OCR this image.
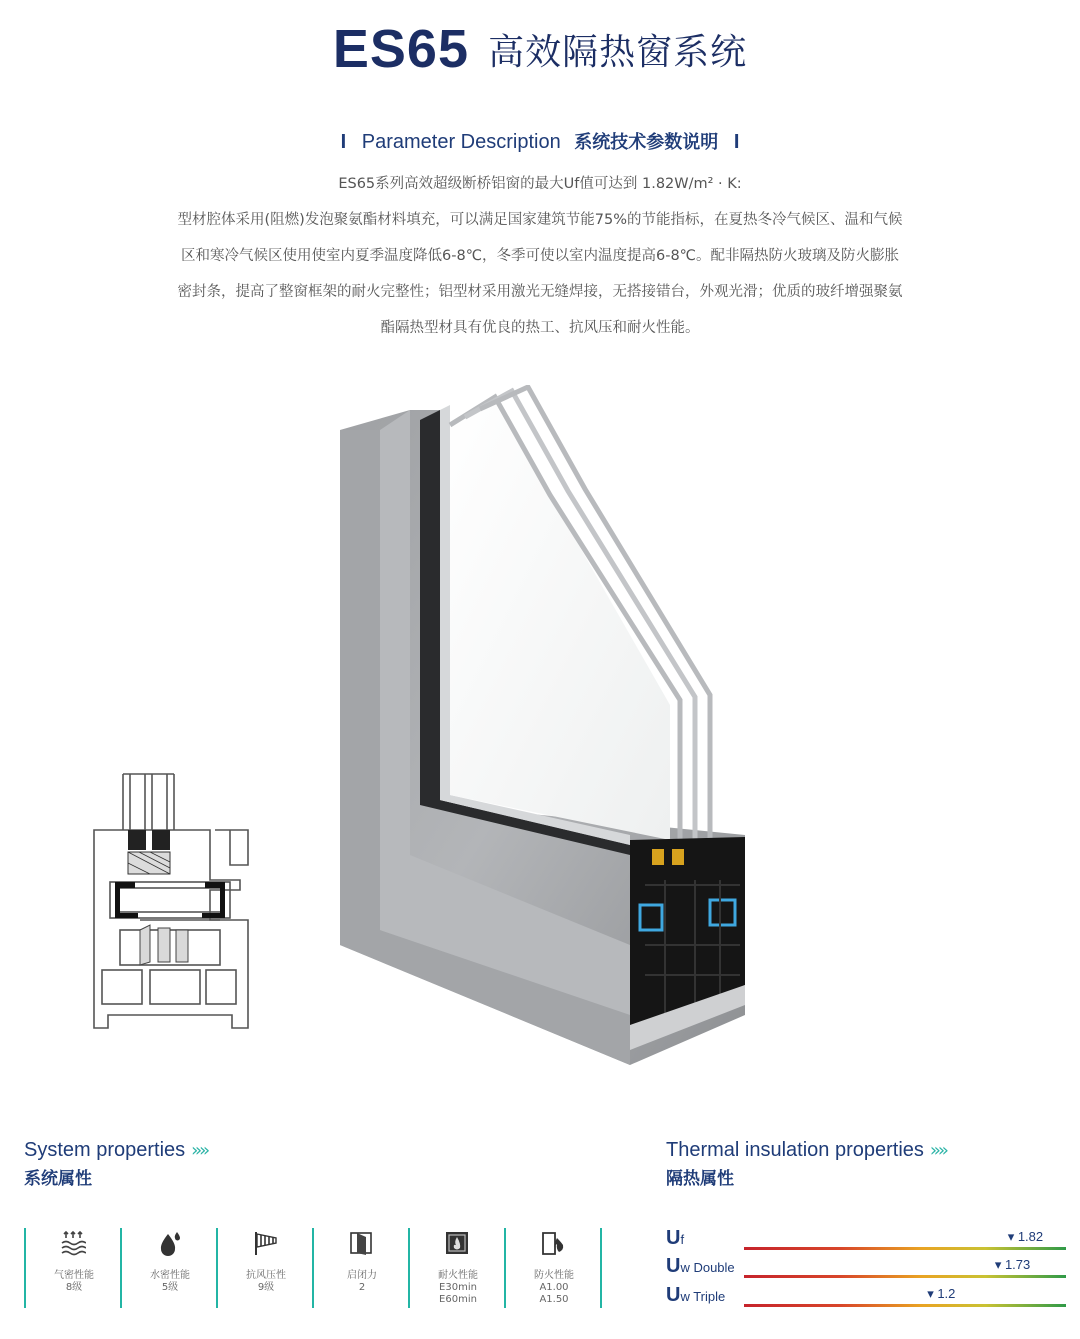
ES65 高效隔热窗系统
I Parameter Description 系统技术参数说明 I

ES65系列高效超级断桥铝窗的最大Uf值可达到 1.82W/m² · K:

型材腔体采用(阻燃)发泡聚氨酯材料填充，可以满足国家建筑节能75%的节能指标，在夏热冬冷气候区、温和气候

区和寒冷气候区使用使室内夏季温度降低6-8℃，冬季可使以室内温度提高6-8℃。配非隔热防火玻璃及防火膨胀

密封条，提高了整窗框架的耐火完整性；铝型材采用激光无缝焊接，无搭接错台，外观光滑；优质的玻纤增强聚氨

酯隔热型材具有优良的热工、抗风压和耐火性能。

System properties »»
系统属性
Thermal insulation properties »»
隔热属性
气密性能
8级
水密性能
5级
抗风压性
9级
启闭力
2
耐火性能
E30min
E60min
防火性能
A1.00
A1.50
Uf	▾ 1.82
Uw Double	▾ 1.73
Uw Triple	▾ 1.2
